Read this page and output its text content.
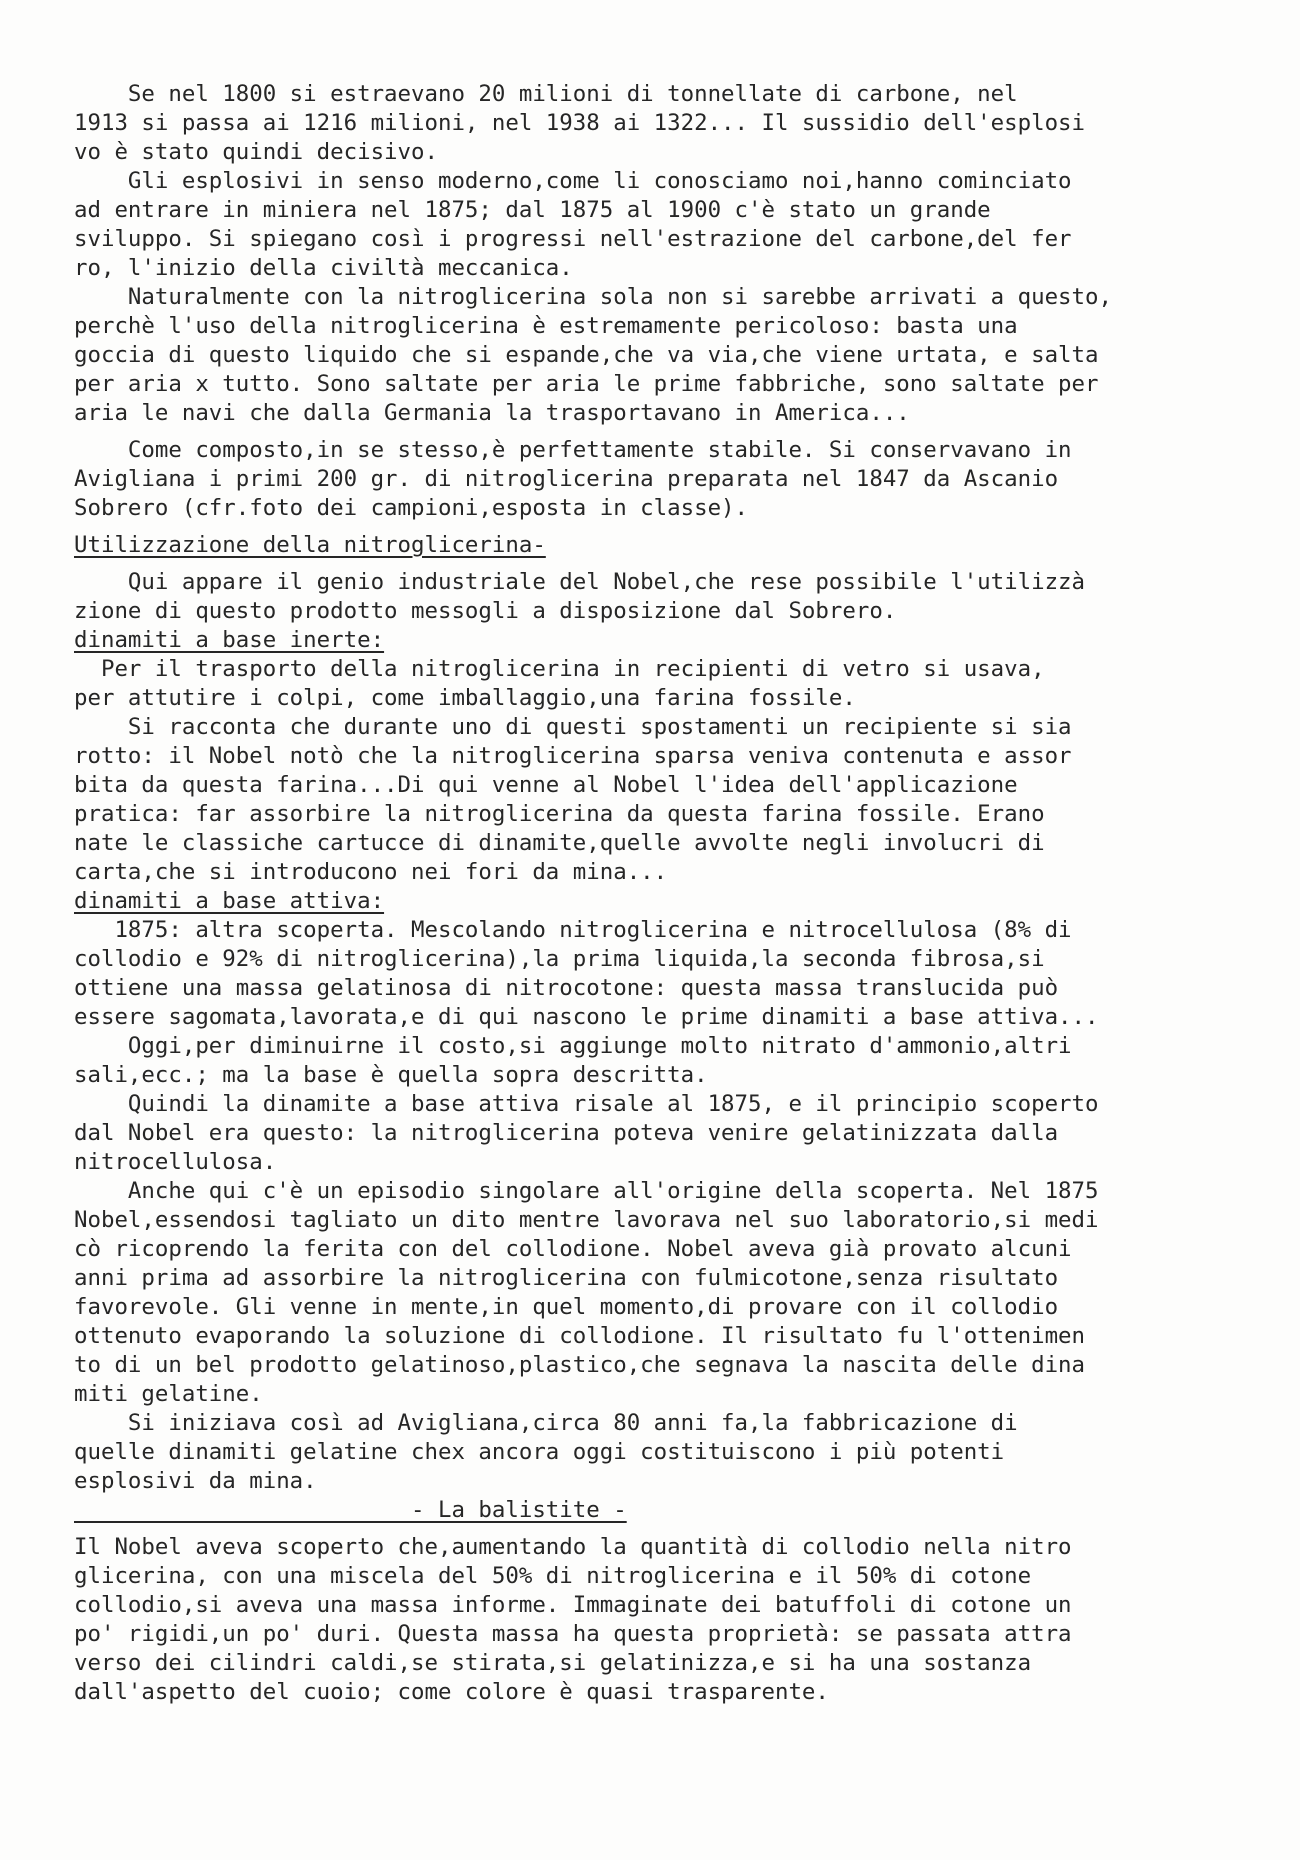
Se nel 1800 si estraevano 20 milioni di tonnellate di carbone, nel
1913 si passa ai 1216 milioni, nel 1938 ai 1322... Il sussidio dell'esplosi
vo è stato quindi decisivo.
Gli esplosivi in senso moderno,come li conosciamo noi,hanno cominciato
ad entrare in miniera nel 1875; dal 1875 al 1900 c'è stato un grande
sviluppo. Si spiegano così i progressi nell'estrazione del carbone,del fer
ro, l'inizio della civiltà meccanica.
Naturalmente con la nitroglicerina sola non si sarebbe arrivati a questo,
perchè l'uso della nitroglicerina è estremamente pericoloso: basta una
goccia di questo liquido che si espande,che va via,che viene urtata, e salta
per aria x tutto. Sono saltate per aria le prime fabbriche, sono saltate per
aria le navi che dalla Germania la trasportavano in America...
Come composto,in se stesso,è perfettamente stabile. Si conservavano in
Avigliana i primi 200 gr. di nitroglicerina preparata nel 1847 da Ascanio
Sobrero (cfr.foto dei campioni,esposta in classe).
Utilizzazione della nitroglicerina-
Qui appare il genio industriale del Nobel,che rese possibile l'utilizzà
zione di questo prodotto messogli a disposizione dal Sobrero.
dinamiti a base inerte:
Per il trasporto della nitroglicerina in recipienti di vetro si usava,
per attutire i colpi, come imballaggio,una farina fossile.
Si racconta che durante uno di questi spostamenti un recipiente si sia
rotto: il Nobel notò che la nitroglicerina sparsa veniva contenuta e assor
bita da questa farina...Di qui venne al Nobel l'idea dell'applicazione
pratica: far assorbire la nitroglicerina da questa farina fossile. Erano
nate le classiche cartucce di dinamite,quelle avvolte negli involucri di
carta,che si introducono nei fori da mina...
dinamiti a base attiva:
1875: altra scoperta. Mescolando nitroglicerina e nitrocellulosa (8% di
collodio e 92% di nitroglicerina),la prima liquida,la seconda fibrosa,si
ottiene una massa gelatinosa di nitrocotone: questa massa translucida può
essere sagomata,lavorata,e di qui nascono le prime dinamiti a base attiva...
Oggi,per diminuirne il costo,si aggiunge molto nitrato d'ammonio,altri
sali,ecc.; ma la base è quella sopra descritta.
Quindi la dinamite a base attiva risale al 1875, e il principio scoperto
dal Nobel era questo: la nitroglicerina poteva venire gelatinizzata dalla
nitrocellulosa.
Anche qui c'è un episodio singolare all'origine della scoperta. Nel 1875
Nobel,essendosi tagliato un dito mentre lavorava nel suo laboratorio,si medi
cò ricoprendo la ferita con del collodione. Nobel aveva già provato alcuni
anni prima ad assorbire la nitroglicerina con fulmicotone,senza risultato
favorevole. Gli venne in mente,in quel momento,di provare con il collodio
ottenuto evaporando la soluzione di collodione. Il risultato fu l'ottenimen
to di un bel prodotto gelatinoso,plastico,che segnava la nascita delle dina
miti gelatine.
Si iniziava così ad Avigliana,circa 80 anni fa,la fabbricazione di
quelle dinamiti gelatine chex ancora oggi costituiscono i più potenti
esplosivi da mina.
- La balistite -
Il Nobel aveva scoperto che,aumentando la quantità di collodio nella nitro
glicerina, con una miscela del 50% di nitroglicerina e il 50% di cotone
collodio,si aveva una massa informe. Immaginate dei batuffoli di cotone un
po' rigidi,un po' duri. Questa massa ha questa proprietà: se passata attra
verso dei cilindri caldi,se stirata,si gelatinizza,e si ha una sostanza
dall'aspetto del cuoio; come colore è quasi trasparente.
